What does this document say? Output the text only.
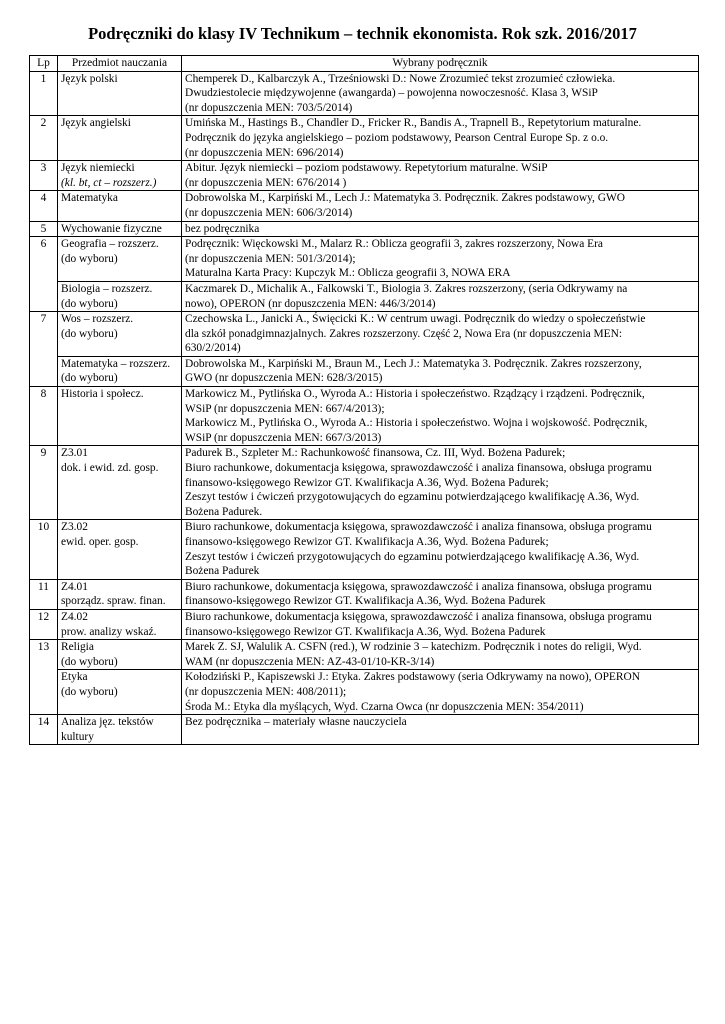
Podręczniki do klasy IV Technikum – technik ekonomista. Rok szk. 2016/2017
Lp	Przedmiot nauczania	Wybrany podręcznik
1	Język polski	Chemperek D., Kalbarczyk A., Trześniowski D.: Nowe Zrozumieć tekst zrozumieć człowieka.
Dwudziestolecie międzywojenne (awangarda) – powojenna nowoczesność. Klasa 3, WSiP
(nr dopuszczenia MEN: 703/5/2014)

2	Język angielski	Umińska M., Hastings B., Chandler D., Fricker R., Bandis A., Trapnell B., Repetytorium maturalne.
Podręcznik do języka angielskiego – poziom podstawowy, Pearson Central Europe Sp. z o.o.
(nr dopuszczenia MEN: 696/2014)

3	Język niemiecki
(kl. bt, ct – rozszerz.)	Abitur. Język niemiecki – poziom podstawowy. Repetytorium maturalne. WSiP
(nr dopuszczenia MEN: 676/2014 )

4	Matematyka	Dobrowolska M., Karpiński M., Lech J.: Matematyka 3. Podręcznik. Zakres podstawowy, GWO
(nr dopuszczenia MEN: 606/3/2014)

5	Wychowanie fizyczne	bez podręcznika

6	Geografia – rozszerz.
(do wyboru)	Podręcznik: Więckowski M., Malarz R.: Oblicza geografii 3, zakres rozszerzony, Nowa Era
(nr dopuszczenia MEN: 501/3/2014);
Maturalna Karta Pracy: Kupczyk M.: Oblicza geografii 3, NOWA ERA

	Biologia – rozszerz.
(do wyboru)	Kaczmarek D., Michalik A., Falkowski T., Biologia 3. Zakres rozszerzony, (seria Odkrywamy na
nowo), OPERON (nr dopuszczenia MEN: 446/3/2014)

7	Wos – rozszerz.
(do wyboru)	Czechowska L., Janicki A., Święcicki K.: W centrum uwagi. Podręcznik do wiedzy o społeczeństwie
dla szkół ponadgimnazjalnych. Zakres rozszerzony. Część 2, Nowa Era (nr dopuszczenia MEN:
630/2/2014)

	Matematyka – rozszerz.
(do wyboru)	Dobrowolska M., Karpiński M., Braun M., Lech J.: Matematyka 3. Podręcznik. Zakres rozszerzony,
GWO (nr dopuszczenia MEN: 628/3/2015)

8	Historia i społecz.	Markowicz M., Pytlińska O., Wyroda A.: Historia i społeczeństwo. Rządzący i rządzeni. Podręcznik,
WSiP (nr dopuszczenia MEN: 667/4/2013);
Markowicz M., Pytlińska O., Wyroda A.: Historia i społeczeństwo. Wojna i wojskowość. Podręcznik,
WSiP (nr dopuszczenia MEN: 667/3/2013)

9	Z3.01
dok. i ewid. zd. gosp.	Padurek B., Szpleter M.: Rachunkowość finansowa, Cz. III, Wyd. Bożena Padurek;
Biuro rachunkowe, dokumentacja księgowa, sprawozdawczość i analiza finansowa, obsługa programu
finansowo-księgowego Rewizor GT. Kwalifikacja A.36, Wyd. Bożena Padurek;
Zeszyt testów i ćwiczeń przygotowujących do egzaminu potwierdzającego kwalifikację A.36, Wyd.
Bożena Padurek.

10	Z3.02
ewid. oper. gosp.	Biuro rachunkowe, dokumentacja księgowa, sprawozdawczość i analiza finansowa, obsługa programu
finansowo-księgowego Rewizor GT. Kwalifikacja A.36, Wyd. Bożena Padurek;
Zeszyt testów i ćwiczeń przygotowujących do egzaminu potwierdzającego kwalifikację A.36, Wyd.
Bożena Padurek

11	Z4.01
sporządz. spraw. finan.	Biuro rachunkowe, dokumentacja księgowa, sprawozdawczość i analiza finansowa, obsługa programu
finansowo-księgowego Rewizor GT. Kwalifikacja A.36, Wyd. Bożena Padurek

12	Z4.02
prow. analizy wskaź.	Biuro rachunkowe, dokumentacja księgowa, sprawozdawczość i analiza finansowa, obsługa programu
finansowo-księgowego Rewizor GT. Kwalifikacja A.36, Wyd. Bożena Padurek

13	Religia
(do wyboru)	Marek Z. SJ, Walulik A. CSFN (red.), W rodzinie 3 – katechizm. Podręcznik i notes do religii, Wyd.
WAM (nr dopuszczenia MEN: AZ-43-01/10-KR-3/14)

	Etyka
(do wyboru)	Kołodziński P., Kapiszewski J.: Etyka. Zakres podstawowy (seria Odkrywamy na nowo), OPERON
(nr dopuszczenia MEN: 408/2011);
Środa M.: Etyka dla myślących, Wyd. Czarna Owca (nr dopuszczenia MEN: 354/2011)

14	Analiza jęz. tekstów
kultury	Bez podręcznika – materiały własne nauczyciela
